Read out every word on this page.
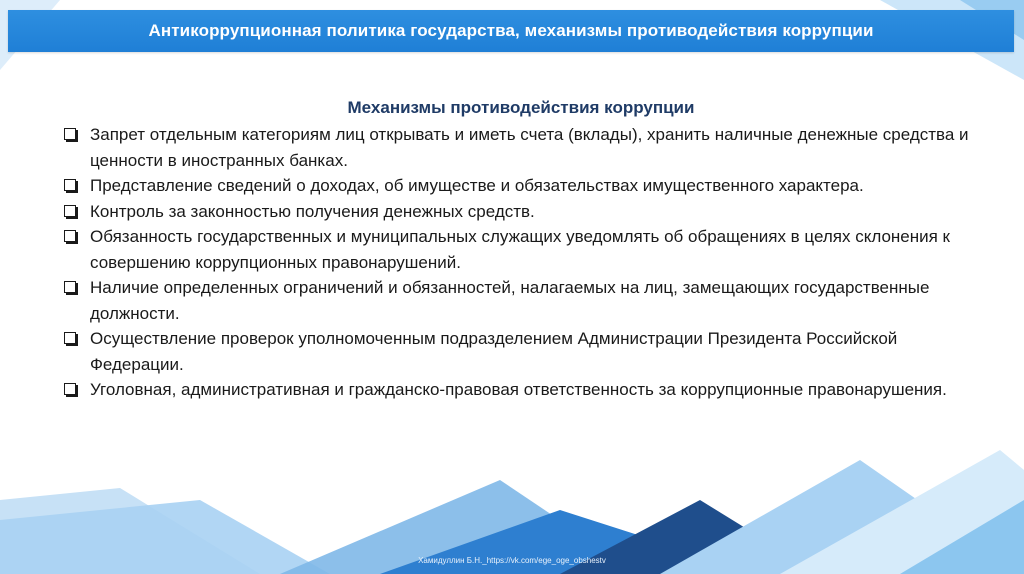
Антикоррупционная политика государства, механизмы противодействия коррупции
Механизмы противодействия коррупции
Запрет отдельным категориям лиц открывать и иметь счета (вклады), хранить наличные денежные средства и ценности в иностранных банках.
Представление сведений о доходах, об имуществе и обязательствах имущественного характера.
Контроль за законностью получения денежных средств.
Обязанность государственных и муниципальных служащих уведомлять об обращениях в целях склонения к совершению коррупционных правонарушений.
Наличие определенных ограничений и обязанностей, налагаемых на лиц, замещающих государственные должности.
Осуществление проверок уполномоченным подразделением Администрации Президента Российской Федерации.
Уголовная, административная и гражданско-правовая ответственность за коррупционные правонарушения.
Хамидуллин Б.Н._https://vk.com/ege_oge_obshestv
